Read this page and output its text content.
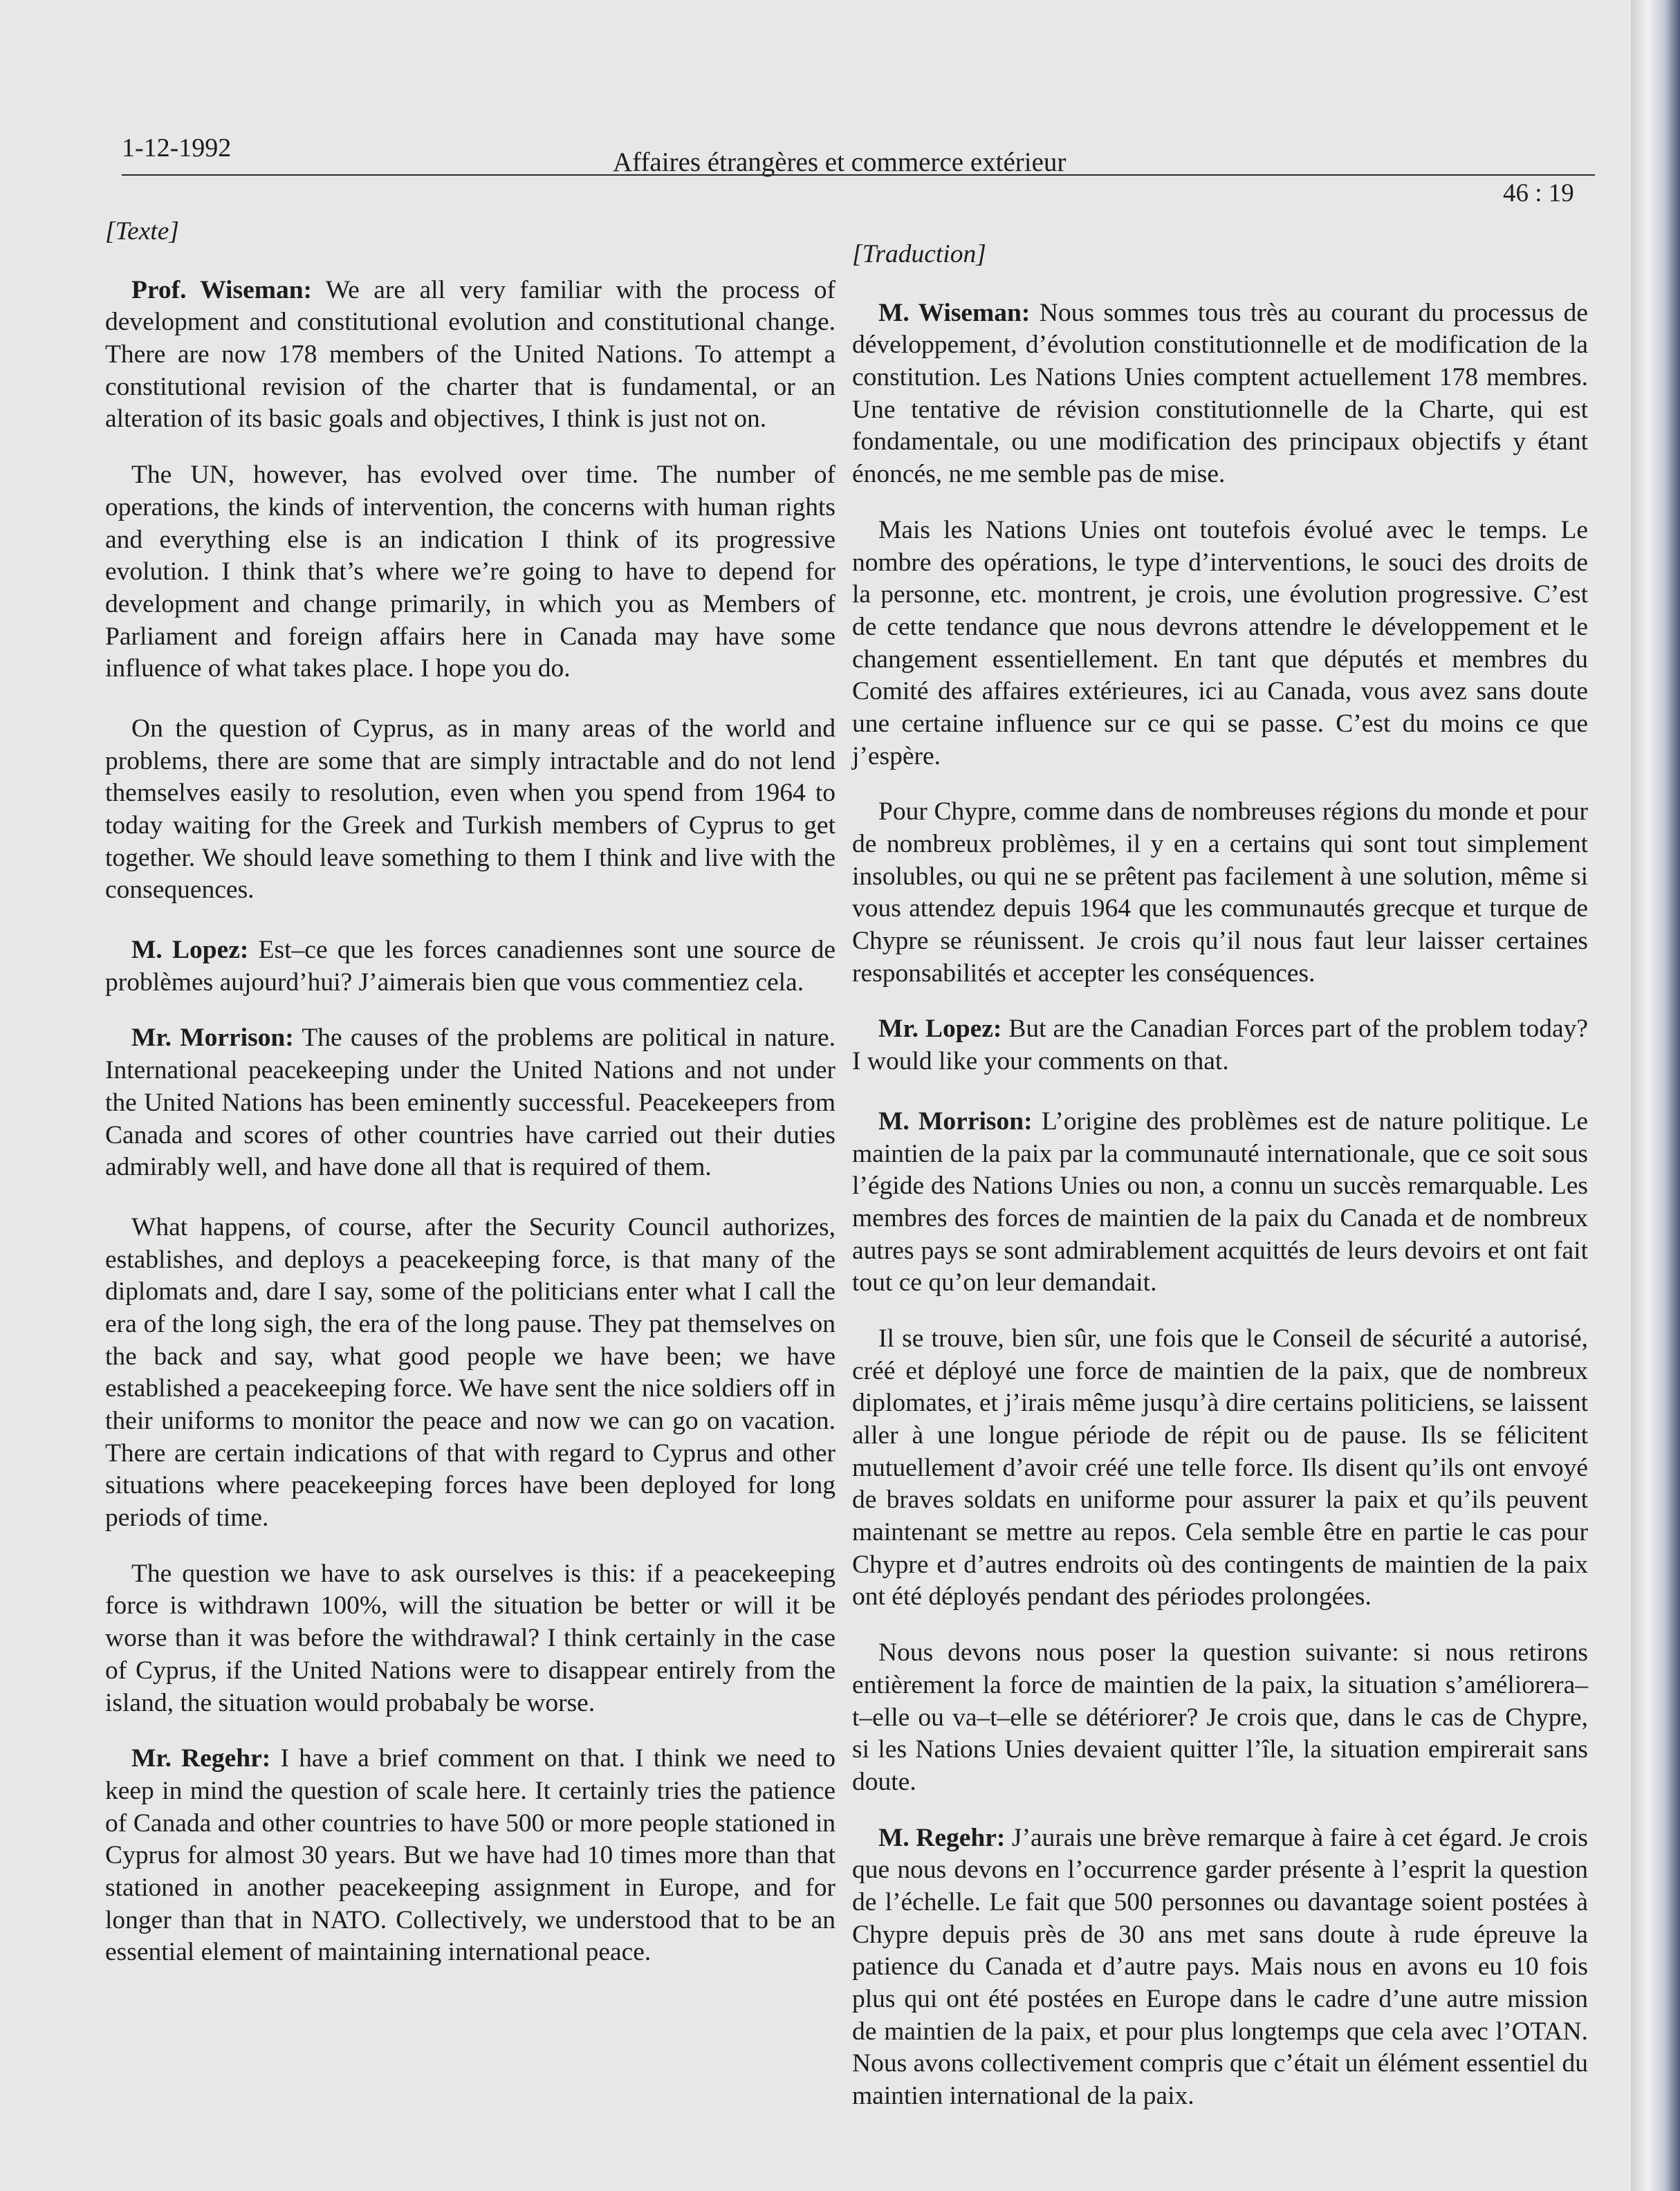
1-12-1992	Affaires étrangères et commerce extérieur
46 : 19

[Texte]

Prof. Wiseman: We are all very familiar with the process of development and constitutional evolution and constitutional change. There are now 178 members of the United Nations. To attempt a constitutional revision of the charter that is fundamental, or an alteration of its basic goals and objectives, I think is just not on.

The UN, however, has evolved over time. The number of operations, the kinds of intervention, the concerns with human rights and everything else is an indication I think of its progressive evolution. I think that’s where we’re going to have to depend for development and change primarily, in which you as Members of Parliament and foreign affairs here in Canada may have some influence of what takes place. I hope you do.

On the question of Cyprus, as in many areas of the world and problems, there are some that are simply intractable and do not lend themselves easily to resolution, even when you spend from 1964 to today waiting for the Greek and Turkish members of Cyprus to get together. We should leave something to them I think and live with the consequences.

M. Lopez: Est–ce que les forces canadiennes sont une source de problèmes aujourd’hui? J’aimerais bien que vous commentiez cela.

Mr. Morrison: The causes of the problems are political in nature. International peacekeeping under the United Nations and not under the United Nations has been eminently successful. Peacekeepers from Canada and scores of other countries have carried out their duties admirably well, and have done all that is required of them.

What happens, of course, after the Security Council authorizes, establishes, and deploys a peacekeeping force, is that many of the diplomats and, dare I say, some of the politicians enter what I call the era of the long sigh, the era of the long pause. They pat themselves on the back and say, what good people we have been; we have established a peacekeeping force. We have sent the nice soldiers off in their uniforms to monitor the peace and now we can go on vacation. There are certain indications of that with regard to Cyprus and other situations where peacekeeping forces have been deployed for long periods of time.

The question we have to ask ourselves is this: if a peacekeeping force is withdrawn 100%, will the situation be better or will it be worse than it was before the withdrawal? I think certainly in the case of Cyprus, if the United Nations were to disappear entirely from the island, the situation would probabaly be worse.

Mr. Regehr: I have a brief comment on that. I think we need to keep in mind the question of scale here. It certainly tries the patience of Canada and other countries to have 500 or more people stationed in Cyprus for almost 30 years. But we have had 10 times more than that stationed in another peacekeeping assignment in Europe, and for longer than that in NATO. Collectively, we understood that to be an essential element of maintaining international peace.

[Traduction]

M. Wiseman: Nous sommes tous très au courant du processus de développement, d’évolution constitutionnelle et de modification de la constitution. Les Nations Unies comptent actuellement 178 membres. Une tentative de révision constitutionnelle de la Charte, qui est fondamentale, ou une modification des principaux objectifs y étant énoncés, ne me semble pas de mise.

Mais les Nations Unies ont toutefois évolué avec le temps. Le nombre des opérations, le type d’interventions, le souci des droits de la personne, etc. montrent, je crois, une évolution progressive. C’est de cette tendance que nous devrons attendre le développement et le changement essentiellement. En tant que députés et membres du Comité des affaires extérieures, ici au Canada, vous avez sans doute une certaine influence sur ce qui se passe. C’est du moins ce que j’espère.

Pour Chypre, comme dans de nombreuses régions du monde et pour de nombreux problèmes, il y en a certains qui sont tout simplement insolubles, ou qui ne se prêtent pas facilement à une solution, même si vous attendez depuis 1964 que les communautés grecque et turque de Chypre se réunissent. Je crois qu’il nous faut leur laisser certaines responsabilités et accepter les conséquences.

Mr. Lopez: But are the Canadian Forces part of the problem today? I would like your comments on that.

M. Morrison: L’origine des problèmes est de nature politique. Le maintien de la paix par la communauté internationale, que ce soit sous l’égide des Nations Unies ou non, a connu un succès remarquable. Les membres des forces de maintien de la paix du Canada et de nombreux autres pays se sont admirablement acquittés de leurs devoirs et ont fait tout ce qu’on leur demandait.

Il se trouve, bien sûr, une fois que le Conseil de sécurité a autorisé, créé et déployé une force de maintien de la paix, que de nombreux diplomates, et j’irais même jusqu’à dire certains politiciens, se laissent aller à une longue période de répit ou de pause. Ils se félicitent mutuellement d’avoir créé une telle force. Ils disent qu’ils ont envoyé de braves soldats en uniforme pour assurer la paix et qu’ils peuvent maintenant se mettre au repos. Cela semble être en partie le cas pour Chypre et d’autres endroits où des contingents de maintien de la paix ont été déployés pendant des périodes prolongées.

Nous devons nous poser la question suivante: si nous retirons entièrement la force de maintien de la paix, la situation s’améliorera–t–elle ou va–t–elle se détériorer? Je crois que, dans le cas de Chypre, si les Nations Unies devaient quitter l’île, la situation empirerait sans doute.

M. Regehr: J’aurais une brève remarque à faire à cet égard. Je crois que nous devons en l’occurrence garder présente à l’esprit la question de l’échelle. Le fait que 500 personnes ou davantage soient postées à Chypre depuis près de 30 ans met sans doute à rude épreuve la patience du Canada et d’autre pays. Mais nous en avons eu 10 fois plus qui ont été postées en Europe dans le cadre d’une autre mission de maintien de la paix, et pour plus longtemps que cela avec l’OTAN. Nous avons collectivement compris que c’était un élément essentiel du maintien international de la paix.
